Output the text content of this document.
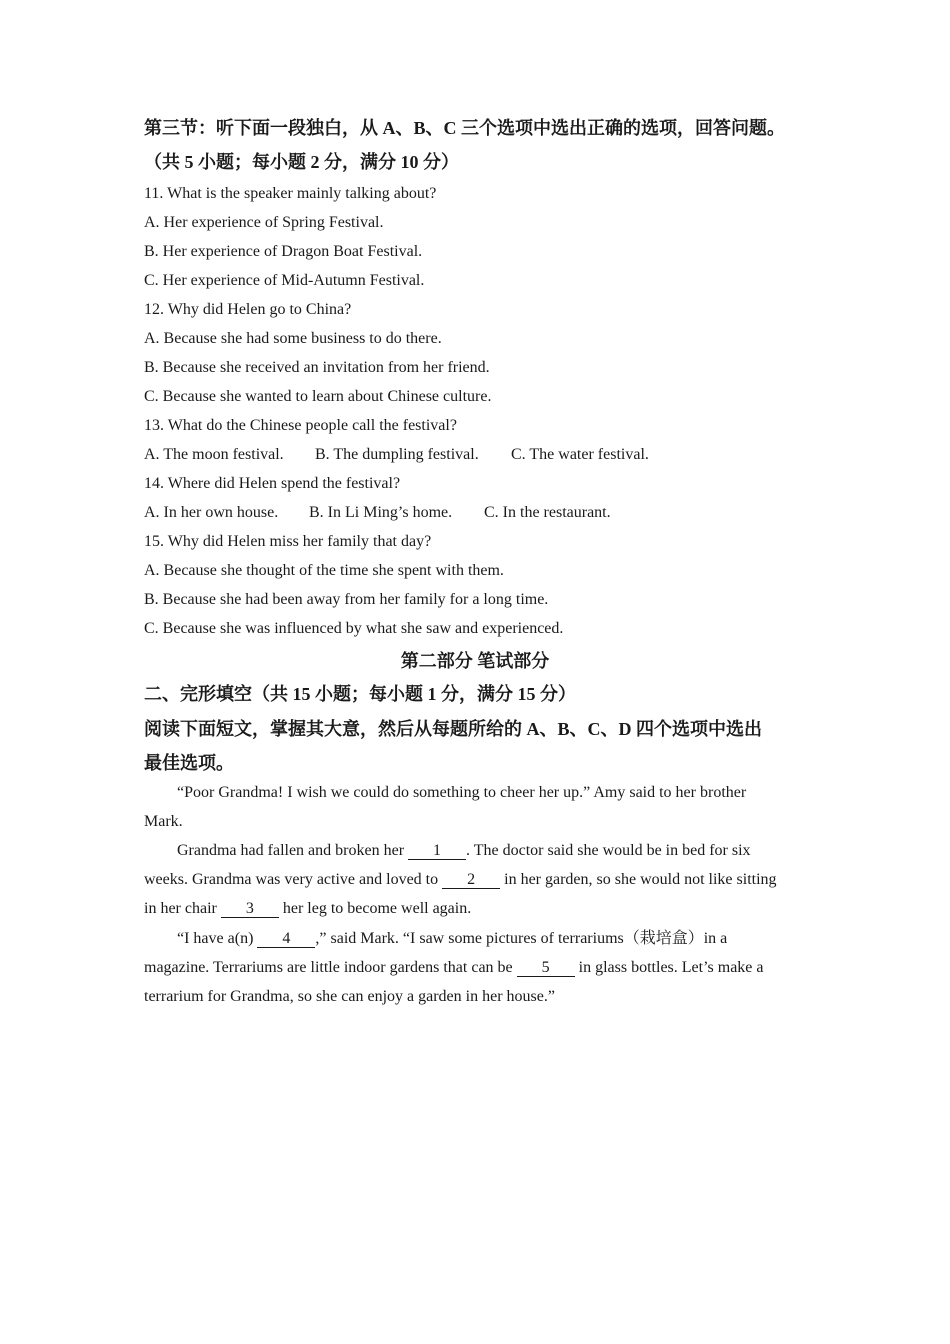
第三节：听下面一段独白，从 A、B、C 三个选项中选出正确的选项，回答问题。
（共 5 小题；每小题 2 分，满分 10 分）
11. What is the speaker mainly talking about?
A. Her experience of Spring Festival.
B. Her experience of Dragon Boat Festival.
C. Her experience of Mid-Autumn Festival.
12. Why did Helen go to China?
A. Because she had some business to do there.
B. Because she received an invitation from her friend.
C. Because she wanted to learn about Chinese culture.
13. What do the Chinese people call the festival?
A. The moon festival. B. The dumpling festival. C. The water festival.
14. Where did Helen spend the festival?
A. In her own house. B. In Li Ming’s home. C. In the restaurant.
15. Why did Helen miss her family that day?
A. Because she thought of the time she spent with them.
B. Because she had been away from her family for a long time.
C. Because she was influenced by what she saw and experienced.
第二部分 笔试部分
二、完形填空（共 15 小题；每小题 1 分，满分 15 分）
阅读下面短文，掌握其大意，然后从每题所给的 A、B、C、D 四个选项中选出
最佳选项。
“Poor Grandma! I wish we could do something to cheer her up.” Amy said to her brother
Mark.
Grandma had fallen and broken her 1 . The doctor said she would be in bed for six
weeks. Grandma was very active and loved to 2 in her garden, so she would not like sitting
in her chair 3 her leg to become well again.
“I have a(n) 4 ,” said Mark. “I saw some pictures of terrariums（栽培盒）in a
magazine. Terrariums are little indoor gardens that can be 5 in glass bottles. Let’s make a
terrarium for Grandma, so she can enjoy a garden in her house.”
